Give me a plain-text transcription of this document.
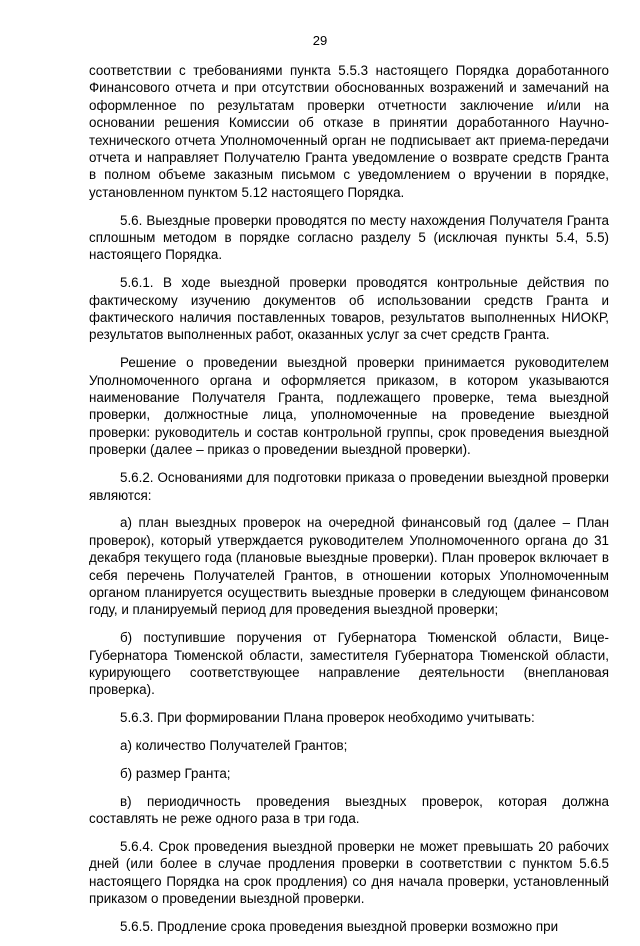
29

соответствии с требованиями пункта 5.5.3 настоящего Порядка доработанного Финансового отчета и при отсутствии обоснованных возражений и замечаний на оформленное по результатам проверки отчетности заключение и/или на основании решения Комиссии об отказе в принятии доработанного Научно-технического отчета Уполномоченный орган не подписывает акт приема-передачи отчета и направляет Получателю Гранта уведомление о возврате средств Гранта в полном объеме заказным письмом с уведомлением о вручении в порядке, установленном пунктом 5.12 настоящего Порядка.

5.6. Выездные проверки проводятся по месту нахождения Получателя Гранта сплошным методом в порядке согласно разделу 5 (исключая пункты 5.4, 5.5) настоящего Порядка.

5.6.1. В ходе выездной проверки проводятся контрольные действия по фактическому изучению документов об использовании средств Гранта и фактического наличия поставленных товаров, результатов выполненных НИОКР, результатов выполненных работ, оказанных услуг за счет средств Гранта.

Решение о проведении выездной проверки принимается руководителем Уполномоченного органа и оформляется приказом, в котором указываются наименование Получателя Гранта, подлежащего проверке, тема выездной проверки, должностные лица, уполномоченные на проведение выездной проверки: руководитель и состав контрольной группы, срок проведения выездной проверки (далее – приказ о проведении выездной проверки).

5.6.2. Основаниями для подготовки приказа о проведении выездной проверки являются:

а) план выездных проверок на очередной финансовый год (далее – План проверок), который утверждается руководителем Уполномоченного органа до 31 декабря текущего года (плановые выездные проверки). План проверок включает в себя перечень Получателей Грантов, в отношении которых Уполномоченным органом планируется осуществить выездные проверки в следующем финансовом году, и планируемый период для проведения выездной проверки;

б) поступившие поручения от Губернатора Тюменской области, Вице-Губернатора Тюменской области, заместителя Губернатора Тюменской области, курирующего соответствующее направление деятельности (внеплановая проверка).

5.6.3. При формировании Плана проверок необходимо учитывать:

а) количество Получателей Грантов;

б) размер Гранта;

в) периодичность проведения выездных проверок, которая должна составлять не реже одного раза в три года.

5.6.4. Срок проведения выездной проверки не может превышать 20 рабочих дней (или более в случае продления проверки в соответствии с пунктом 5.6.5 настоящего Порядка на срок продления) со дня начала проверки, установленный приказом о проведении выездной проверки.

5.6.5. Продление срока проведения выездной проверки возможно при
